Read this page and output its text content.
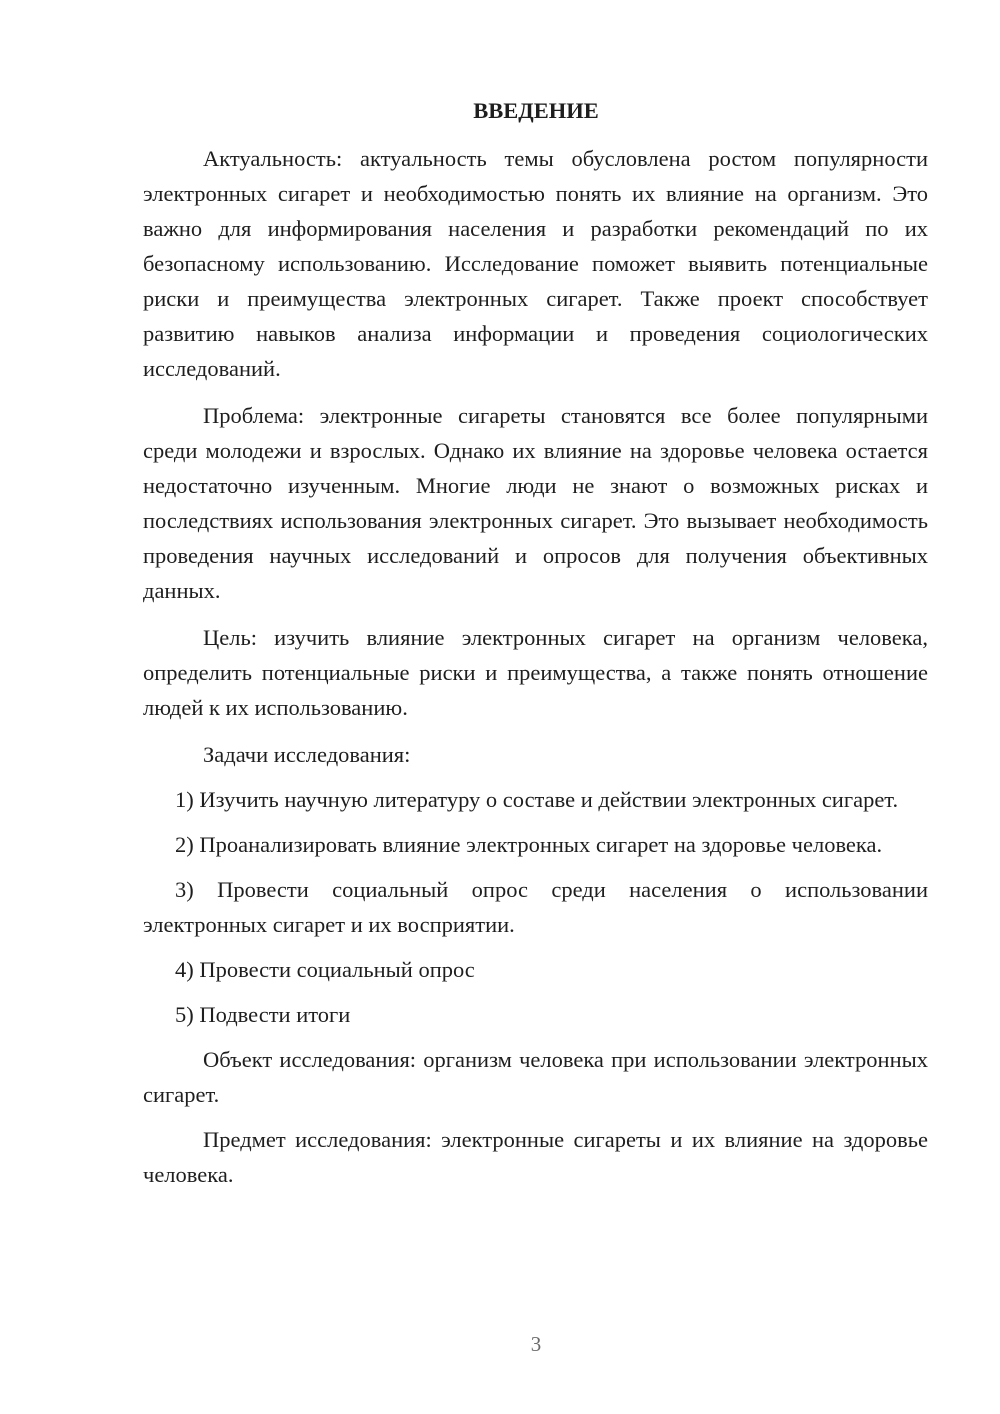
ВВЕДЕНИЕ

Актуальность: актуальность темы обусловлена ростом популярности электронных сигарет и необходимостью понять их влияние на организм. Это важно для информирования населения и разработки рекомендаций по их безопасному использованию. Исследование поможет выявить потенциальные риски и преимущества электронных сигарет. Также проект способствует развитию навыков анализа информации и проведения социологических исследований.

Проблема: электронные сигареты становятся все более популярными среди молодежи и взрослых. Однако их влияние на здоровье человека остается недостаточно изученным. Многие люди не знают о возможных рисках и последствиях использования электронных сигарет. Это вызывает необходимость проведения научных исследований и опросов для получения объективных данных.

Цель: изучить влияние электронных сигарет на организм человека, определить потенциальные риски и преимущества, а также понять отношение людей к их использованию.

Задачи исследования:

1) Изучить научную литературу о составе и действии электронных сигарет.

2) Проанализировать влияние электронных сигарет на здоровье человека.

3) Провести социальный опрос среди населения о использовании электронных сигарет и их восприятии.

4) Провести социальный опрос

5) Подвести итоги

Объект исследования: организм человека при использовании электронных сигарет.

Предмет исследования: электронные сигареты и их влияние на здоровье человека.

3
